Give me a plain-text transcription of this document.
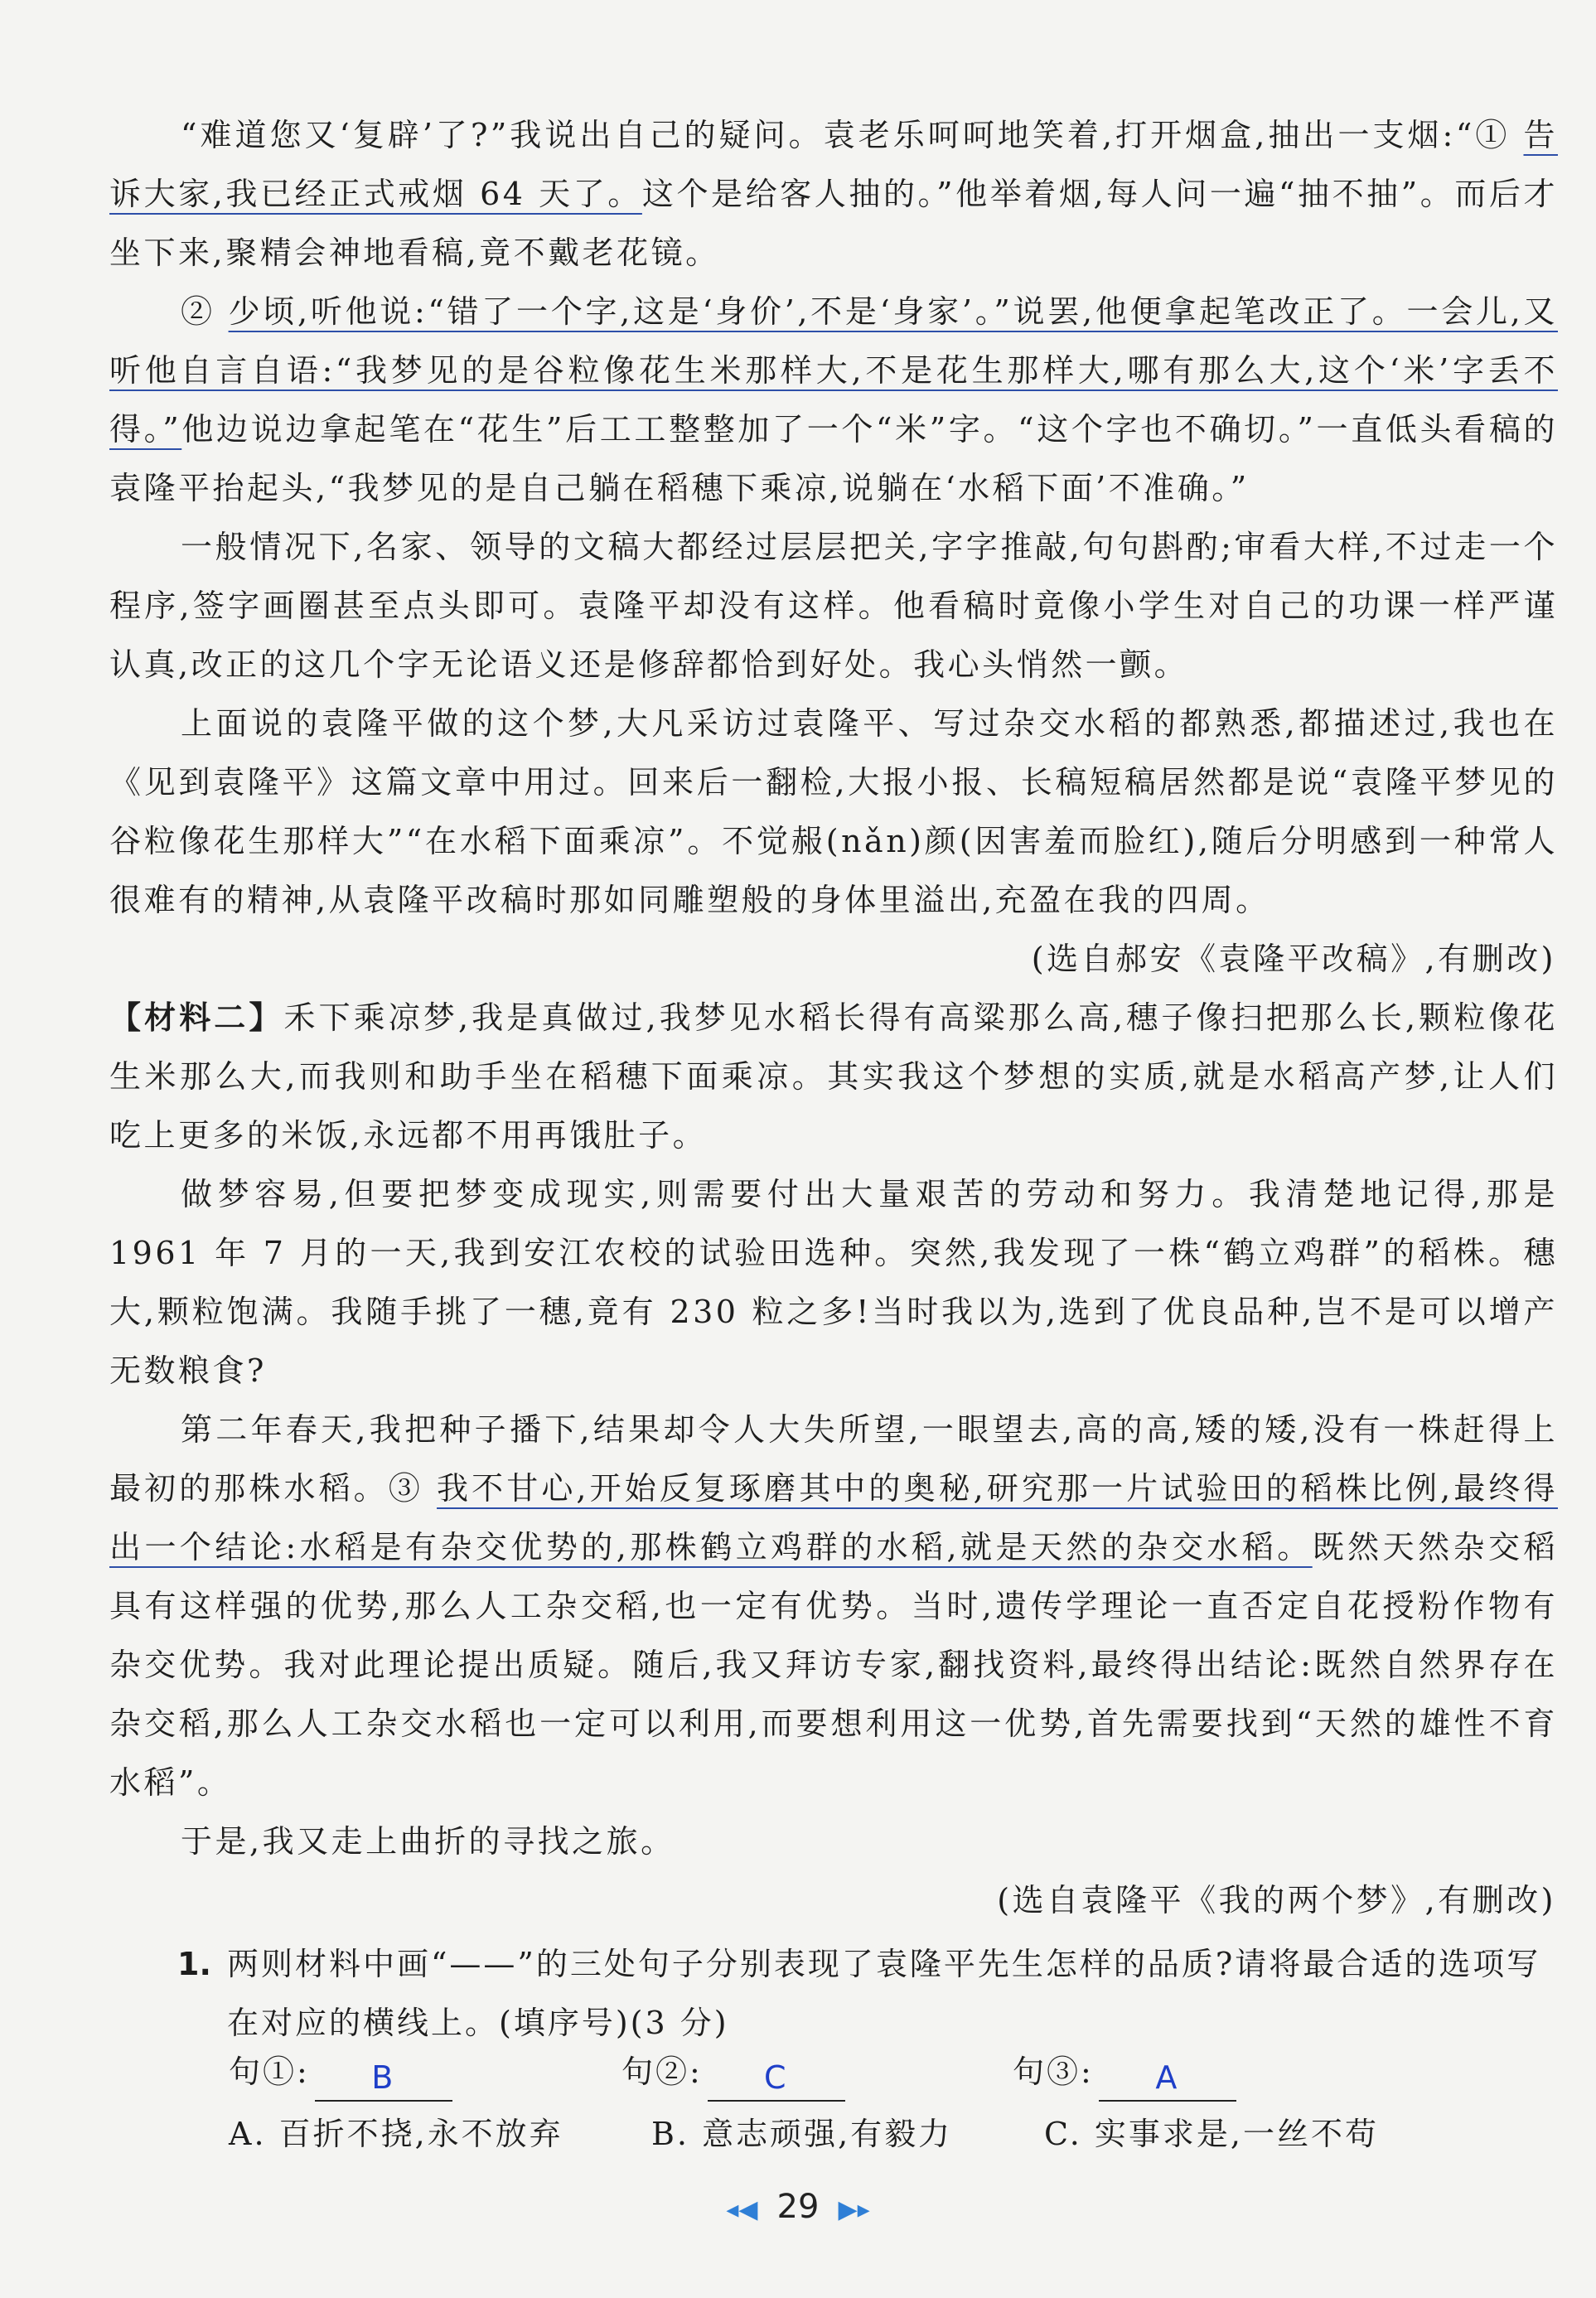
“难道您又‘复辟’了?”我说出自己的疑问。袁老乐呵呵地笑着,打开烟盒,抽出一支烟:“① 告诉大家,我已经正式戒烟 64 天了。这个是给客人抽的。”他举着烟,每人问一遍“抽不抽”。而后才坐下来,聚精会神地看稿,竟不戴老花镜。

② 少顷,听他说:“错了一个字,这是‘身价’,不是‘身家’。”说罢,他便拿起笔改正了。一会儿,又听他自言自语:“我梦见的是谷粒像花生米那样大,不是花生那样大,哪有那么大,这个‘米’字丢不得。”他边说边拿起笔在“花生”后工工整整加了一个“米”字。“这个字也不确切。”一直低头看稿的袁隆平抬起头,“我梦见的是自己躺在稻穗下乘凉,说躺在‘水稻下面’不准确。”

一般情况下,名家、领导的文稿大都经过层层把关,字字推敲,句句斟酌;审看大样,不过走一个程序,签字画圈甚至点头即可。袁隆平却没有这样。他看稿时竟像小学生对自己的功课一样严谨认真,改正的这几个字无论语义还是修辞都恰到好处。我心头悄然一颤。

上面说的袁隆平做的这个梦,大凡采访过袁隆平、写过杂交水稻的都熟悉,都描述过,我也在《见到袁隆平》这篇文章中用过。回来后一翻检,大报小报、长稿短稿居然都是说“袁隆平梦见的谷粒像花生那样大”“在水稻下面乘凉”。不觉赧(nǎn)颜(因害羞而脸红),随后分明感到一种常人很难有的精神,从袁隆平改稿时那如同雕塑般的身体里溢出,充盈在我的四周。

(选自郝安《袁隆平改稿》,有删改)

【材料二】禾下乘凉梦,我是真做过,我梦见水稻长得有高粱那么高,穗子像扫把那么长,颗粒像花生米那么大,而我则和助手坐在稻穗下面乘凉。其实我这个梦想的实质,就是水稻高产梦,让人们吃上更多的米饭,永远都不用再饿肚子。

做梦容易,但要把梦变成现实,则需要付出大量艰苦的劳动和努力。我清楚地记得,那是 1961 年 7 月的一天,我到安江农校的试验田选种。突然,我发现了一株“鹤立鸡群”的稻株。穗大,颗粒饱满。我随手挑了一穗,竟有 230 粒之多!当时我以为,选到了优良品种,岂不是可以增产无数粮食?

第二年春天,我把种子播下,结果却令人大失所望,一眼望去,高的高,矮的矮,没有一株赶得上最初的那株水稻。③ 我不甘心,开始反复琢磨其中的奥秘,研究那一片试验田的稻株比例,最终得出一个结论:水稻是有杂交优势的,那株鹤立鸡群的水稻,就是天然的杂交水稻。既然天然杂交稻具有这样强的优势,那么人工杂交稻,也一定有优势。当时,遗传学理论一直否定自花授粉作物有杂交优势。我对此理论提出质疑。随后,我又拜访专家,翻找资料,最终得出结论:既然自然界存在杂交稻,那么人工杂交水稻也一定可以利用,而要想利用这一优势,首先需要找到“天然的雄性不育水稻”。

于是,我又走上曲折的寻找之旅。

(选自袁隆平《我的两个梦》,有删改)

1. 两则材料中画“——”的三处句子分别表现了袁隆平先生怎样的品质?请将最合适的选项写在对应的横线上。(填序号)(3 分)

句①: B	句②: C	句③: A
A. 百折不挠,永不放弃	B. 意志顽强,有毅力	C. 实事求是,一丝不苟
◂◀ 29 ▶▸
